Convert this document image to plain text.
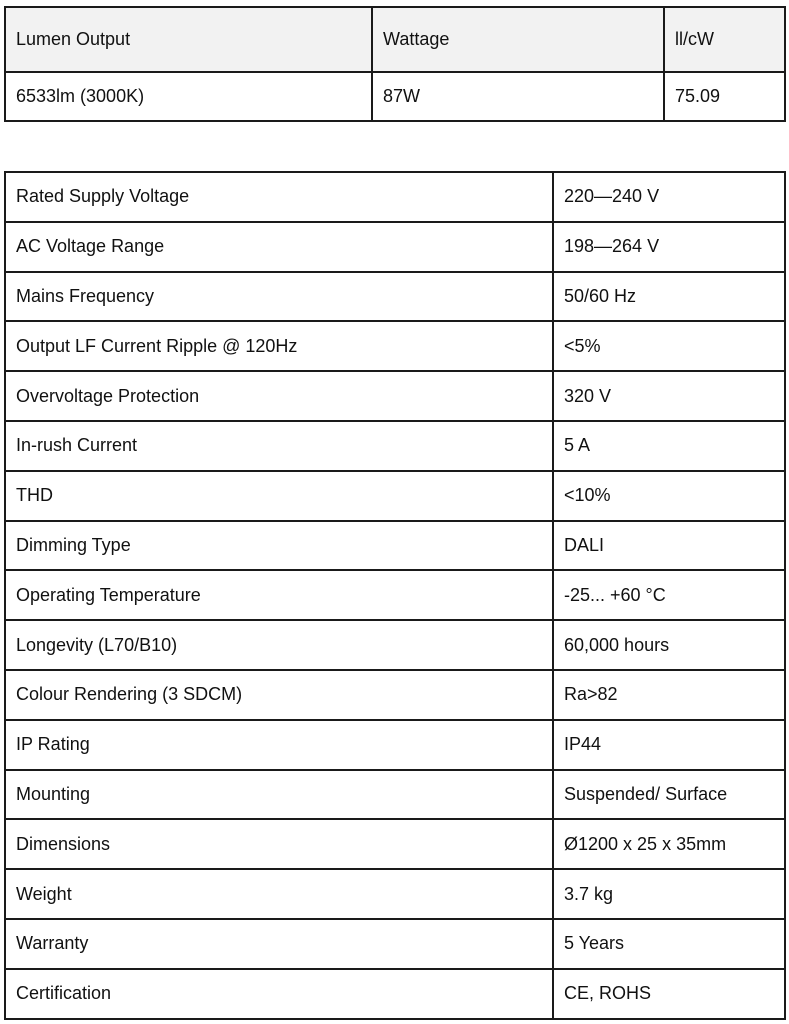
Lumen Output	Wattage	ll/cW
6533lm (3000K)	87W	75.09
Rated Supply Voltage	220—240 V
AC Voltage Range	198—264 V
Mains Frequency	50/60 Hz
Output LF Current Ripple @ 120Hz	<5%
Overvoltage Protection	320 V
In-rush Current	5 A
THD	<10%
Dimming Type	DALI
Operating Temperature	-25... +60 °C
Longevity (L70/B10)	60,000 hours
Colour Rendering (3 SDCM)	Ra>82
IP Rating	IP44
Mounting	Suspended/ Surface
Dimensions	Ø1200 x 25 x 35mm
Weight	3.7 kg
Warranty	5 Years
Certification	CE, ROHS
